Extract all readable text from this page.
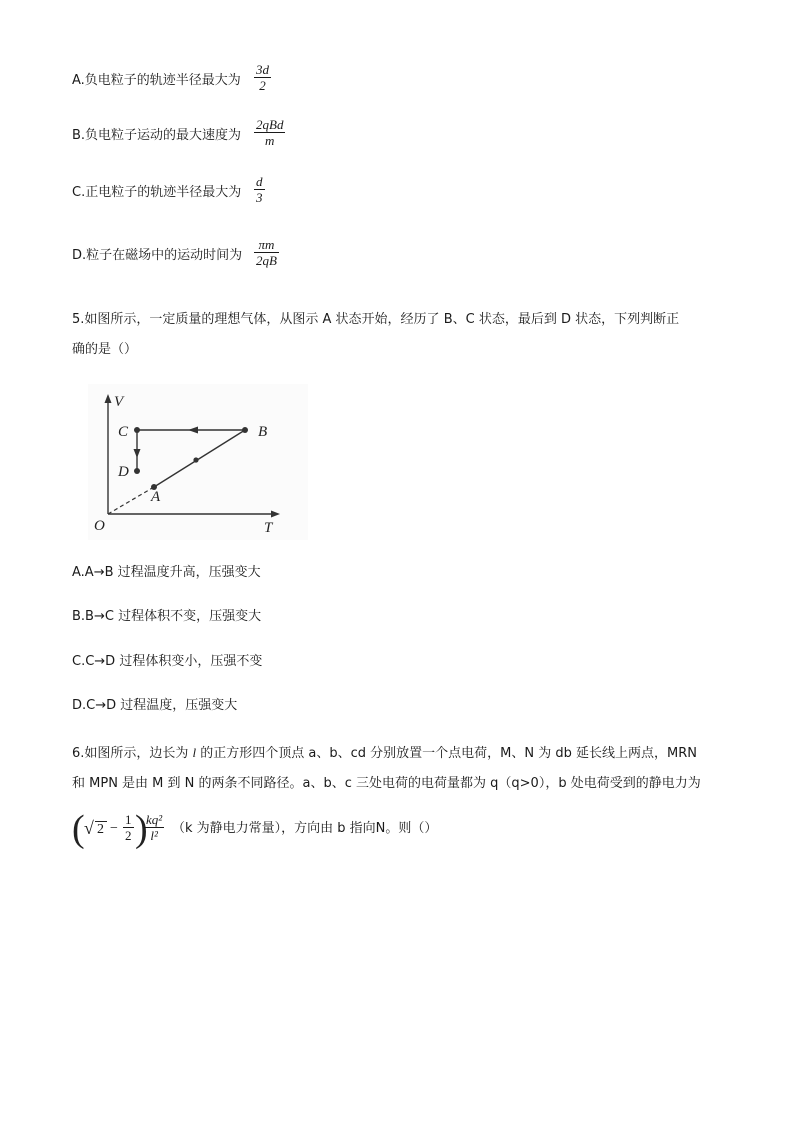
A.负电粒子的轨迹半径最大为
3d
2
B.负电粒子运动的最大速度为
2qBd
m
C.正电粒子的轨迹半径最大为
d
3
D.粒子在磁场中的运动时间为
πm
2qB
5.如图所示，一定质量的理想气体，从图示 A 状态开始，经历了 B、C 状态，最后到 D 状态，下列判断正
确的是（）
V
T
O
A
B
C
D
A.A→B 过程温度升高，压强变大
B.B→C 过程体积不变，压强变大
C.C→D 过程体积变小，压强不变
D.C→D 过程温度，压强变大
6.如图所示，边长为 l 的正方形四个顶点 a、b、cd 分别放置一个点电荷，M、N 为 db 延长线上两点，MRN
和 MPN 是由 M 到 N 的两条不同路径。a、b、c 三处电荷的电荷量都为 q（q>0），b 处电荷受到的静电力为
( √ 2 −
1
2 )
kq²
l² （k 为静电力常量），方向由 b 指向N。则（）
